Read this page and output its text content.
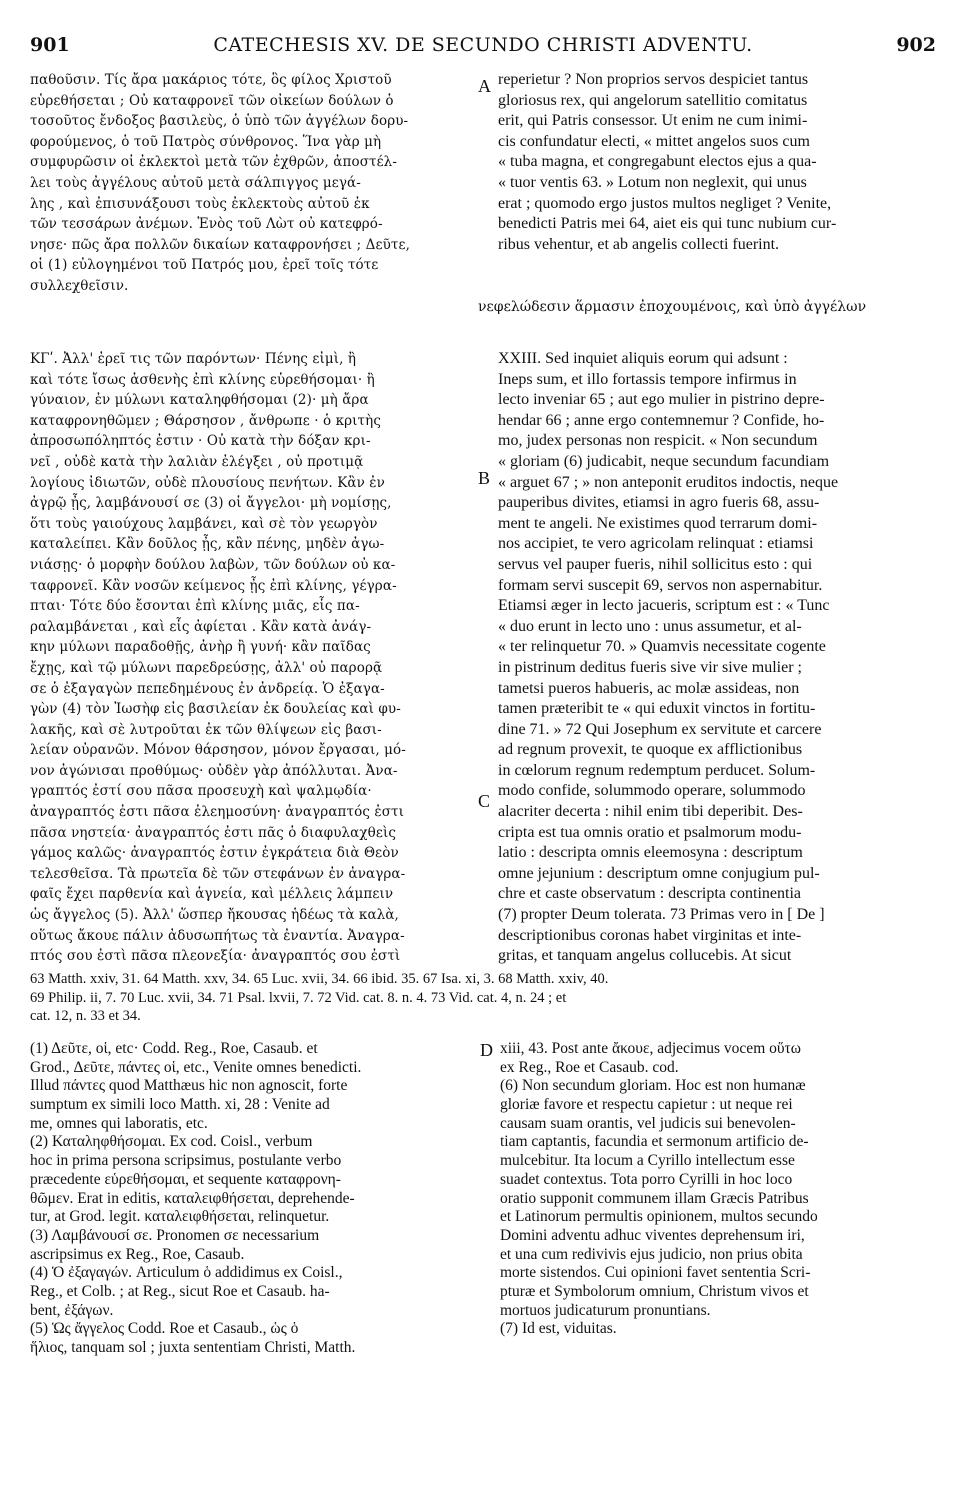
901	CATECHESIS XV. DE SECUNDO CHRISTI ADVENTU.	902
παθοῦσιν. Τίς ἄρα μακάριος τότε, ὃς φίλος Χριστοῦ
εὑρεθήσεται ; Οὐ καταφρονεῖ τῶν οἰκείων δούλων ὁ
τοσοῦτος ἔνδοξος βασιλεὺς, ὁ ὑπὸ τῶν ἀγγέλων δορυ-
φορούμενος, ὁ τοῦ Πατρὸς σύνθρονος. Ἵνα γὰρ μὴ
συμφυρῶσιν οἱ ἐκλεκτοὶ μετὰ τῶν ἐχθρῶν, ἀποστέλ-
λει τοὺς ἀγγέλους αὐτοῦ μετὰ σάλπιγγος μεγά-
λης , καὶ ἐπισυνάξουσι τοὺς ἐκλεκτοὺς αὐτοῦ ἐκ
τῶν τεσσάρων ἀνέμων. Ἑνὸς τοῦ Λὼτ οὐ κατεφρό-
νησε· πῶς ἄρα πολλῶν δικαίων καταφρονήσει ; Δεῦτε,
οἱ (1) εὐλογημένοι τοῦ Πατρός μου, ἐρεῖ τοῖς τότε
συλλεχθεῖσιν.
reperietur ? Non proprios servos despiciet tantus
gloriosus rex, qui angelorum satellitio comitatus
erit, qui Patris consessor. Ut enim ne cum inimi-
cis confundatur electi, « mittet angelos suos cum
« tuba magna, et congregabunt electos ejus a qua-
« tuor ventis 63. » Lotum non neglexit, qui unus
erat ; quomodo ergo justos multos negliget ? Venite,
benedicti Patris mei 64, aiet eis qui tunc nubium cur-
ribus vehentur, et ab angelis collecti fuerint.
νεφελώδεσιν ἅρμασιν ἐποχουμένοις, καὶ ὑπὸ ἀγγέλων
ΚΓʹ. Ἀλλ' ἐρεῖ τις τῶν παρόντων· Πένης εἰμὶ, ἢ
καὶ τότε ἴσως ἀσθενὴς ἐπὶ κλίνης εὑρεθήσομαι· ἢ
γύναιον, ἐν μύλωνι καταληφθήσομαι (2)· μὴ ἄρα
καταφρονηθῶμεν ; Θάρσησον , ἄνθρωπε · ὁ κριτὴς
ἀπροσωπόληπτός ἐστιν · Οὐ κατὰ τὴν δόξαν κρι-
νεῖ , οὐδὲ κατὰ τὴν λαλιὰν ἐλέγξει , οὐ προτιμᾷ
λογίους ἰδιωτῶν, οὐδὲ πλουσίους πενήτων. Κἂν ἐν
ἀγρῷ ᾖς, λαμβάνουσί σε (3) οἱ ἄγγελοι· μὴ νομίσῃς,
ὅτι τοὺς γαιούχους λαμβάνει, καὶ σὲ τὸν γεωργὸν
καταλείπει. Κἂν δοῦλος ᾖς, κἂν πένης, μηδὲν ἀγω-
νιάσῃς· ὁ μορφὴν δούλου λαβὼν, τῶν δούλων οὐ κα-
ταφρονεῖ. Κἂν νοσῶν κείμενος ᾖς ἐπὶ κλίνης, γέγρα-
πται· Τότε δύο ἔσονται ἐπὶ κλίνης μιᾶς, εἷς πα-
ραλαμβάνεται , καὶ εἷς ἀφίεται . Κἂν κατὰ ἀνάγ-
κην μύλωνι παραδοθῇς, ἀνὴρ ἢ γυνή· κἂν παῖδας
ἔχῃς, καὶ τῷ μύλωνι παρεδρεύσῃς, ἀλλ' οὐ παρορᾷ
σε ὁ ἐξαγαγὼν πεπεδημένους ἐν ἀνδρείᾳ. Ὁ ἐξαγα-
γὼν (4) τὸν Ἰωσὴφ εἰς βασιλείαν ἐκ δουλείας καὶ φυ-
λακῆς, καὶ σὲ λυτροῦται ἐκ τῶν θλίψεων εἰς βασι-
λείαν οὐρανῶν. Μόνον θάρσησον, μόνον ἔργασαι, μό-
νον ἀγώνισαι προθύμως· οὐδὲν γὰρ ἀπόλλυται. Ἀνα-
γραπτός ἐστί σου πᾶσα προσευχὴ καὶ ψαλμῳδία·
ἀναγραπτός ἐστι πᾶσα ἐλεημοσύνη· ἀναγραπτός ἐστι
πᾶσα νηστεία· ἀναγραπτός ἐστι πᾶς ὁ διαφυλαχθεὶς
γάμος καλῶς· ἀναγραπτός ἐστιν ἐγκράτεια διὰ Θεὸν
τελεσθεῖσα. Τὰ πρωτεῖα δὲ τῶν στεφάνων ἐν ἀναγρα-
φαῖς ἔχει παρθενία καὶ ἁγνεία, καὶ μέλλεις λάμπειν
ὡς ἄγγελος (5). Ἀλλ' ὥσπερ ἤκουσας ἡδέως τὰ καλὰ,
οὕτως ἄκουε πάλιν ἀδυσωπήτως τὰ ἐναντία. Ἀναγρα-
πτός σου ἐστὶ πᾶσα πλεονεξία· ἀναγραπτός σου ἐστὶ
XXIII. Sed inquiet aliquis eorum qui adsunt :
Ineps sum, et illo fortassis tempore infirmus in
lecto inveniar 65 ; aut ego mulier in pistrino depre-
hendar 66 ; anne ergo contemnemur ? Confide, ho-
mo, judex personas non respicit. « Non secundum
« gloriam (6) judicabit, neque secundum facundiam
« arguet 67 ; » non anteponit eruditos indoctis, neque
pauperibus divites, etiamsi in agro fueris 68, assu-
ment te angeli. Ne existimes quod terrarum domi-
nos accipiet, te vero agricolam relinquat : etiamsi
servus vel pauper fueris, nihil sollicitus esto : qui
formam servi suscepit 69, servos non aspernabitur.
Etiamsi æger in lecto jacueris, scriptum est : « Tunc
« duo erunt in lecto uno : unus assumetur, et al-
« ter relinquetur 70. » Quamvis necessitate cogente
in pistrinum deditus fueris sive vir sive mulier ;
tametsi pueros habueris, ac molæ assideas, non
tamen præteribit te « qui eduxit vinctos in fortitu-
dine 71. » 72 Qui Josephum ex servitute et carcere
ad regnum provexit, te quoque ex afflictionibus
in cœlorum regnum redemptum perducet. Solum-
modo confide, solummodo operare, solummodo
alacriter decerta : nihil enim tibi deperibit. Des-
cripta est tua omnis oratio et psalmorum modu-
latio : descripta omnis eleemosyna : descriptum
omne jejunium : descriptum omne conjugium pul-
chre et caste observatum : descripta continentia
(7) propter Deum tolerata. 73 Primas vero in [ De ]
descriptionibus coronas habet virginitas et inte-
gritas, et tanquam angelus collucebis. At sicut
A
B
C
D
63 Matth. xxiv, 31. 64 Matth. xxv, 34. 65 Luc. xvii, 34. 66 ibid. 35. 67 Isa. xi, 3. 68 Matth. xxiv, 40.
69 Philip. ii, 7. 70 Luc. xvii, 34. 71 Psal. lxvii, 7. 72 Vid. cat. 8. n. 4. 73 Vid. cat. 4, n. 24 ; et
cat. 12, n. 33 et 34.
(1) Δεῦτε, οἱ, etc· Codd. Reg., Roe, Casaub. et
Grod., Δεῦτε, πάντες οἱ, etc., Venite omnes benedicti.
Illud πάντες quod Matthæus hic non agnoscit, forte
sumptum ex simili loco Matth. xi, 28 : Venite ad
me, omnes qui laboratis, etc.
(2) Καταληφθήσομαι. Ex cod. Coisl., verbum
hoc in prima persona scripsimus, postulante verbo
præcedente εὑρεθήσομαι, et sequente καταφρονη-
θῶμεν. Erat in editis, καταλειφθήσεται, deprehende-
tur, at Grod. legit. καταλειφθήσεται, relinquetur.
(3) Λαμβάνουσί σε. Pronomen σε necessarium
ascripsimus ex Reg., Roe, Casaub.
(4) Ὁ ἐξαγαγών. Articulum ὁ addidimus ex Coisl.,
Reg., et Colb. ; at Reg., sicut Roe et Casaub. ha-
bent, ἐξάγων.
(5) Ὡς ἄγγελος Codd. Roe et Casaub., ὡς ὁ
ἥλιος, tanquam sol ; juxta sententiam Christi, Matth.
xiii, 43. Post ante ἄκουε, adjecimus vocem οὕτω
ex Reg., Roe et Casaub. cod.
(6) Non secundum gloriam. Hoc est non humanæ
gloriæ favore et respectu capietur : ut neque rei
causam suam orantis, vel judicis sui benevolen-
tiam captantis, facundia et sermonum artificio de-
mulcebitur. Ita locum a Cyrillo intellectum esse
suadet contextus. Tota porro Cyrilli in hoc loco
oratio supponit communem illam Græcis Patribus
et Latinorum permultis opinionem, multos secundo
Domini adventu adhuc viventes deprehensum iri,
et una cum redivivis ejus judicio, non prius obita
morte sistendos. Cui opinioni favet sententia Scri-
pturæ et Symbolorum omnium, Christum vivos et
mortuos judicaturum pronuntians.
(7) Id est, viduitas.
